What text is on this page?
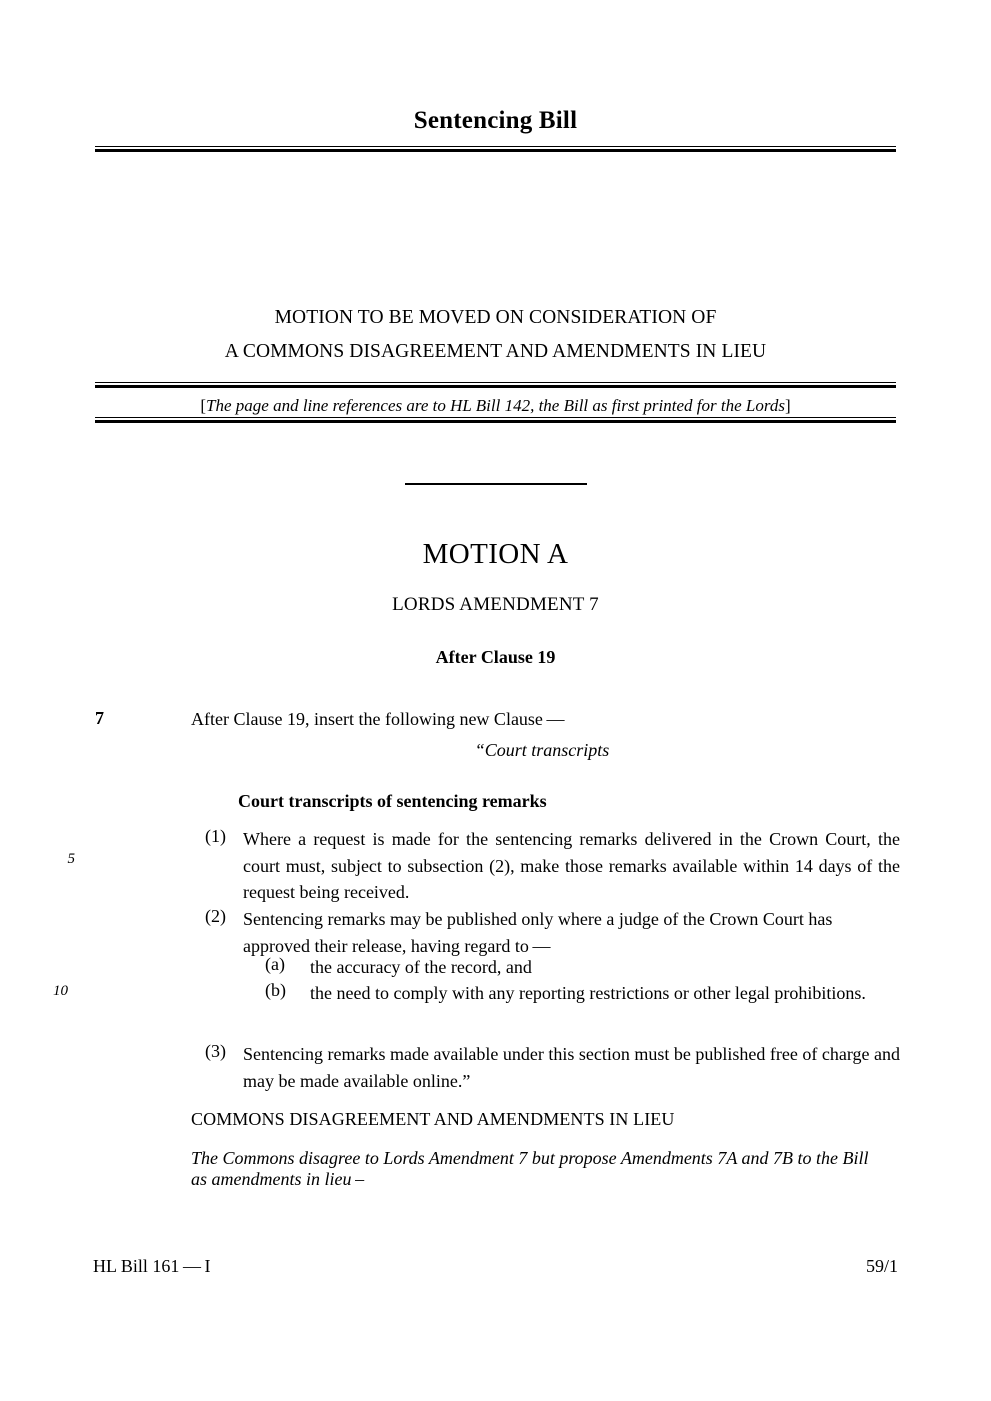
Sentencing Bill
MOTION TO BE MOVED ON CONSIDERATION OF
A COMMONS DISAGREEMENT AND AMENDMENTS IN LIEU
[The page and line references are to HL Bill 142, the Bill as first printed for the Lords]
MOTION A
LORDS AMENDMENT 7
After Clause 19
7	After Clause 19, insert the following new Clause —
“Court transcripts
Court transcripts of sentencing remarks
5
10
(1) Where a request is made for the sentencing remarks delivered in the Crown Court, the court must, subject to subsection (2), make those remarks available within 14 days of the request being received.
(2) Sentencing remarks may be published only where a judge of the Crown Court has approved their release, having regard to —
(a)	the accuracy of the record, and
(b)	the need to comply with any reporting restrictions or other legal prohibitions.
(3) Sentencing remarks made available under this section must be published free of charge and may be made available online.”
COMMONS DISAGREEMENT AND AMENDMENTS IN LIEU
The Commons disagree to Lords Amendment 7 but propose Amendments 7A and 7B to the Bill
as amendments in lieu –
HL Bill 161 — I	59/1
